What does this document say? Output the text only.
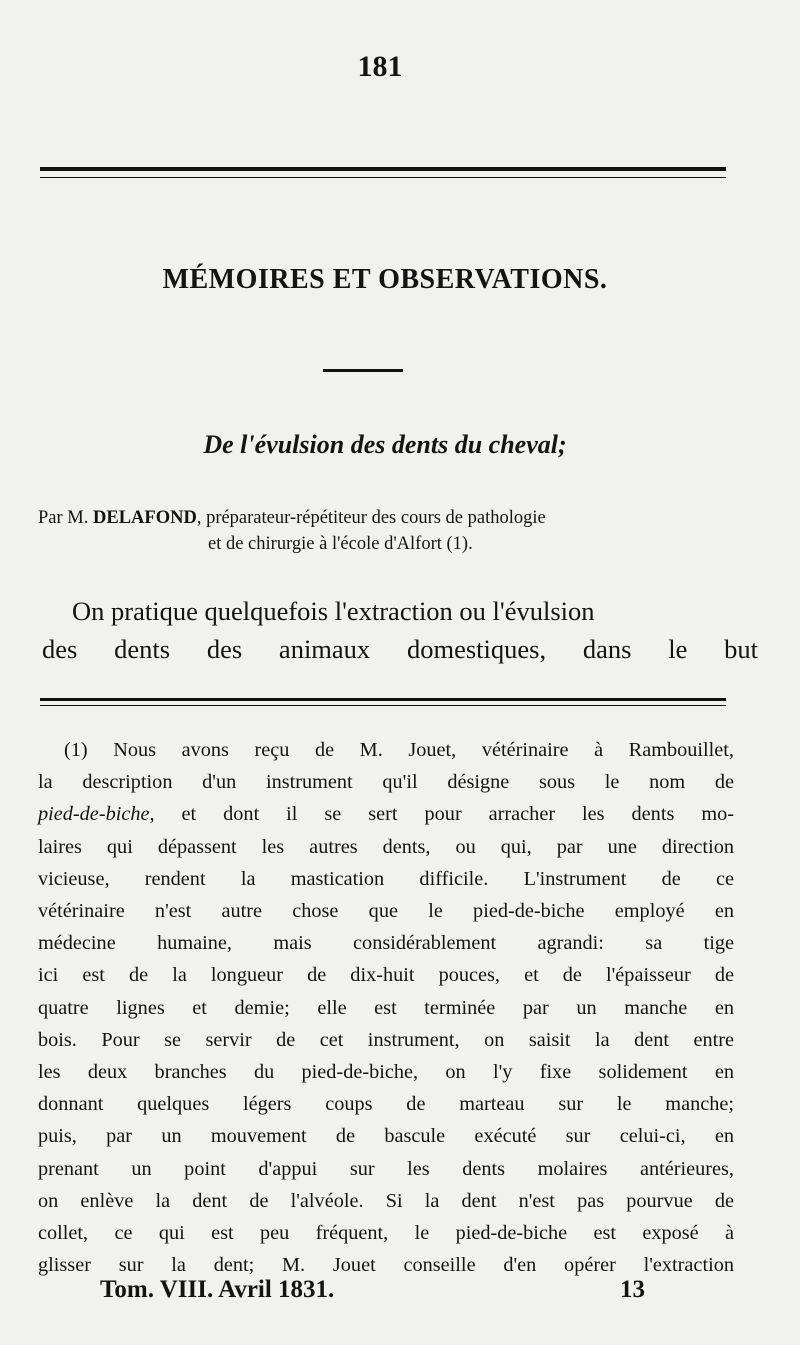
181
MÉMOIRES ET OBSERVATIONS.
De l'évulsion des dents du cheval;
Par M. DELAFOND, préparateur-répétiteur des cours de pathologie
et de chirurgie à l'école d'Alfort (1).
On pratique quelquefois l'extraction ou l'évulsion
des dents des animaux domestiques, dans le but
(1) Nous avons reçu de M. Jouet, vétérinaire à Rambouillet,
la description d'un instrument qu'il désigne sous le nom de
pied-de-biche, et dont il se sert pour arracher les dents mo-
laires qui dépassent les autres dents, ou qui, par une direction
vicieuse, rendent la mastication difficile. L'instrument de ce
vétérinaire n'est autre chose que le pied-de-biche employé en
médecine humaine, mais considérablement agrandi: sa tige
ici est de la longueur de dix-huit pouces, et de l'épaisseur de
quatre lignes et demie; elle est terminée par un manche en
bois. Pour se servir de cet instrument, on saisit la dent entre
les deux branches du pied-de-biche, on l'y fixe solidement en
donnant quelques légers coups de marteau sur le manche;
puis, par un mouvement de bascule exécuté sur celui-ci, en
prenant un point d'appui sur les dents molaires antérieures,
on enlève la dent de l'alvéole. Si la dent n'est pas pourvue de
collet, ce qui est peu fréquent, le pied-de-biche est exposé à
glisser sur la dent; M. Jouet conseille d'en opérer l'extraction
Tom. VIII. Avril 1831.	13
